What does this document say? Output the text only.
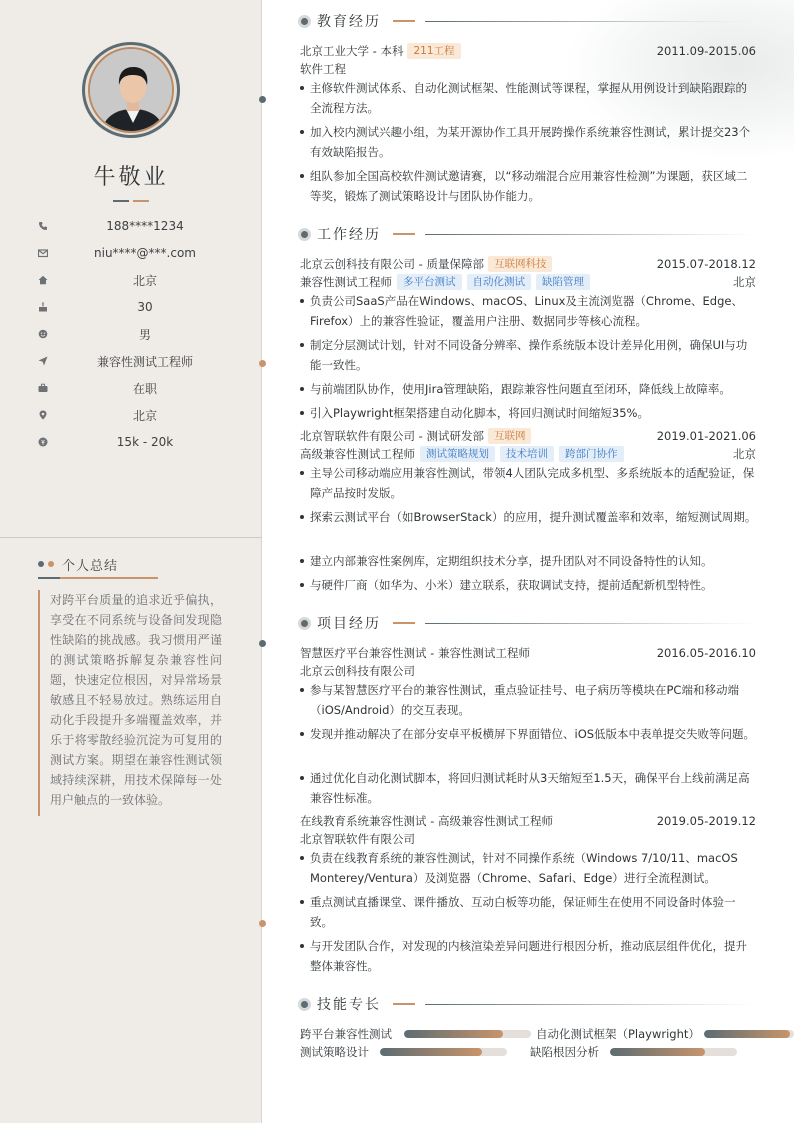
牛敬业
188****1234
niu****@***.com
北京
30
男
兼容性测试工程师
在职
北京
15k - 20k
个人总结
对跨平台质量的追求近乎偏执，享受在不同系统与设备间发现隐性缺陷的挑战感。我习惯用严谨的测试策略拆解复杂兼容性问题，快速定位根因，对异常场景敏感且不轻易放过。熟练运用自动化手段提升多端覆盖效率，并乐于将零散经验沉淀为可复用的测试方案。期望在兼容性测试领域持续深耕，用技术保障每一处用户触点的一致体验。
教育经历
北京工业大学 - 本科 211工程	2011.09-2015.06
软件工程
主修软件测试体系、自动化测试框架、性能测试等课程，掌握从用例设计到缺陷跟踪的全流程方法。
加入校内测试兴趣小组，为某开源协作工具开展跨操作系统兼容性测试，累计提交23个有效缺陷报告。
组队参加全国高校软件测试邀请赛，以“移动端混合应用兼容性检测”为课题，获区域二等奖，锻炼了测试策略设计与团队协作能力。
工作经历
北京云创科技有限公司 - 质量保障部 互联网科技	2015.07-2018.12
兼容性测试工程师	多平台测试	自动化测试	缺陷管理	北京
负责公司SaaS产品在Windows、macOS、Linux及主流浏览器（Chrome、Edge、Firefox）上的兼容性验证，覆盖用户注册、数据同步等核心流程。
制定分层测试计划，针对不同设备分辨率、操作系统版本设计差异化用例，确保UI与功能一致性。
与前端团队协作，使用Jira管理缺陷，跟踪兼容性问题直至闭环，降低线上故障率。
引入Playwright框架搭建自动化脚本，将回归测试时间缩短35%。
北京智联软件有限公司 - 测试研发部 互联网	2019.01-2021.06
高级兼容性测试工程师	测试策略规划	技术培训	跨部门协作	北京
主导公司移动端应用兼容性测试，带领4人团队完成多机型、多系统版本的适配验证，保障产品按时发版。
探索云测试平台（如BrowserStack）的应用，提升测试覆盖率和效率，缩短测试周期。
建立内部兼容性案例库，定期组织技术分享，提升团队对不同设备特性的认知。
与硬件厂商（如华为、小米）建立联系，获取调试支持，提前适配新机型特性。
项目经历
智慧医疗平台兼容性测试 - 兼容性测试工程师	2016.05-2016.10
北京云创科技有限公司
参与某智慧医疗平台的兼容性测试，重点验证挂号、电子病历等模块在PC端和移动端（iOS/Android）的交互表现。
发现并推动解决了在部分安卓平板横屏下界面错位、iOS低版本中表单提交失败等问题。
通过优化自动化测试脚本，将回归测试耗时从3天缩短至1.5天，确保平台上线前满足高兼容性标准。
在线教育系统兼容性测试 - 高级兼容性测试工程师	2019.05-2019.12
北京智联软件有限公司
负责在线教育系统的兼容性测试，针对不同操作系统（Windows 7/10/11、macOS Monterey/Ventura）及浏览器（Chrome、Safari、Edge）进行全流程测试。
重点测试直播课堂、课件播放、互动白板等功能，保证师生在使用不同设备时体验一致。
与开发团队合作，对发现的内核渲染差异问题进行根因分析，推动底层组件优化，提升整体兼容性。
技能专长
跨平台兼容性测试	自动化测试框架（Playwright）
测试策略设计	缺陷根因分析
